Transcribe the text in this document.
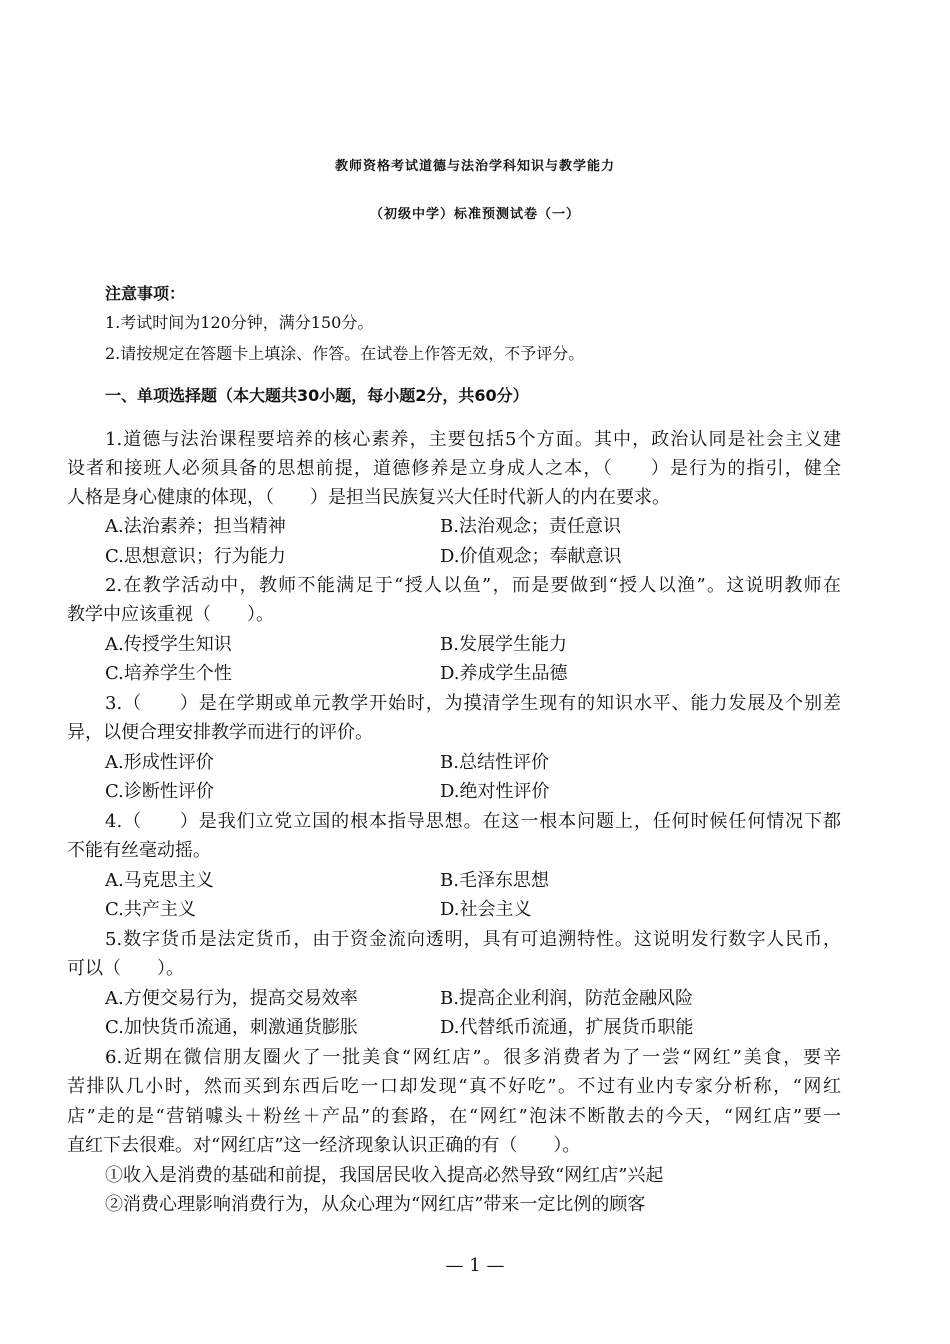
教师资格考试道德与法治学科知识与教学能力
（初级中学）标准预测试卷（一）
注意事项：
1.考试时间为120分钟，满分150分。
2.请按规定在答题卡上填涂、作答。在试卷上作答无效，不予评分。
一、单项选择题（本大题共30小题，每小题2分，共60分）
1.道德与法治课程要培养的核心素养，主要包括5个方面。其中，政治认同是社会主义建
设者和接班人必须具备的思想前提，道德修养是立身成人之本，（　　）是行为的指引，健全
人格是身心健康的体现，（　　）是担当民族复兴大任时代新人的内在要求。
A.法治素养；担当精神	B.法治观念；责任意识
C.思想意识；行为能力	D.价值观念；奉献意识
2.在教学活动中，教师不能满足于“授人以鱼”，而是要做到“授人以渔”。这说明教师在
教学中应该重视（　　）。
A.传授学生知识	B.发展学生能力
C.培养学生个性	D.养成学生品德
3.（　　）是在学期或单元教学开始时，为摸清学生现有的知识水平、能力发展及个别差
异，以便合理安排教学而进行的评价。
A.形成性评价	B.总结性评价
C.诊断性评价	D.绝对性评价
4.（　　）是我们立党立国的根本指导思想。在这一根本问题上，任何时候任何情况下都
不能有丝毫动摇。
A.马克思主义	B.毛泽东思想
C.共产主义	D.社会主义
5.数字货币是法定货币，由于资金流向透明，具有可追溯特性。这说明发行数字人民币，
可以（　　）。
A.方便交易行为，提高交易效率	B.提高企业利润，防范金融风险
C.加快货币流通，刺激通货膨胀	D.代替纸币流通，扩展货币职能
6.近期在微信朋友圈火了一批美食“网红店”。很多消费者为了一尝“网红”美食，要辛
苦排队几小时，然而买到东西后吃一口却发现“真不好吃”。不过有业内专家分析称，“网红
店”走的是“营销噱头＋粉丝＋产品”的套路，在“网红”泡沫不断散去的今天，“网红店”要一
直红下去很难。对“网红店”这一经济现象认识正确的有（　　）。
①收入是消费的基础和前提，我国居民收入提高必然导致“网红店”兴起
②消费心理影响消费行为，从众心理为“网红店”带来一定比例的顾客
— 1 —
